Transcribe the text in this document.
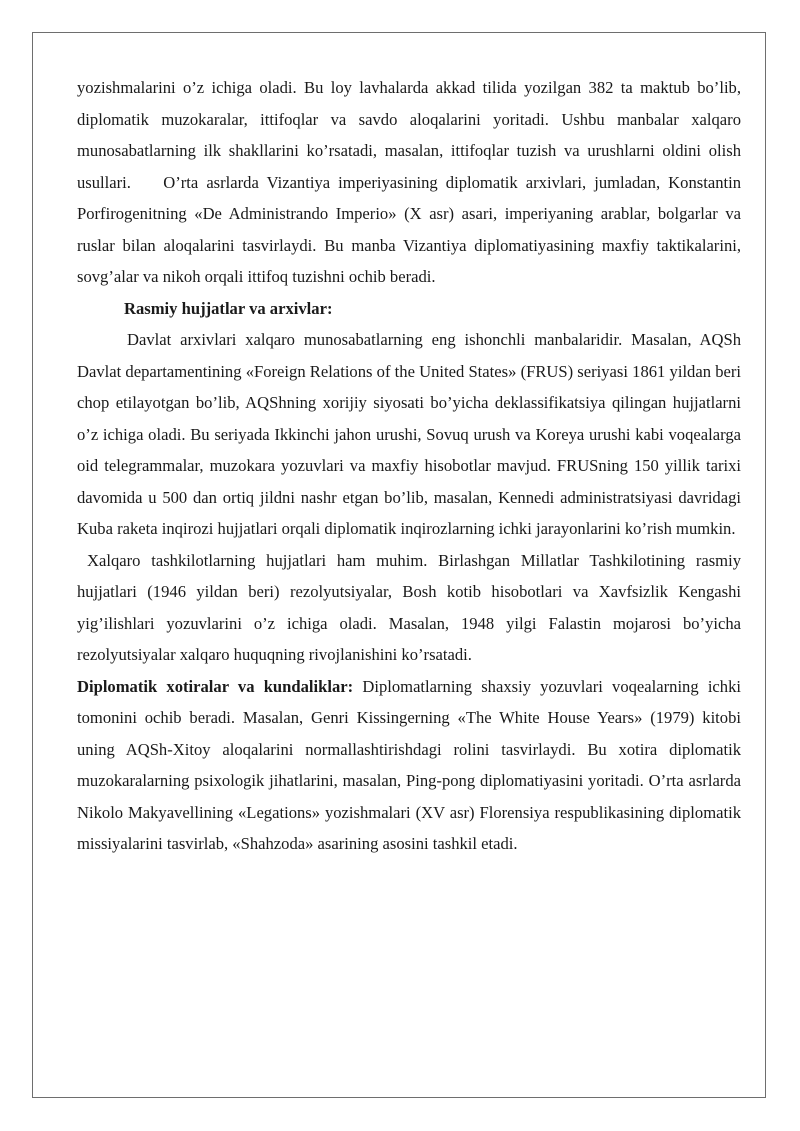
yozishmalarini o’z ichiga oladi. Bu loy lavhalarda akkad tilida yozilgan 382 ta maktub bo’lib, diplomatik muzokaralar, ittifoqlar va savdo aloqalarini yoritadi. Ushbu manbalar xalqaro munosabatlarning ilk shakllarini ko’rsatadi, masalan, ittifoqlar tuzish va urushlarni oldini olish usullari. O’rta asrlarda Vizantiya imperiyasining diplomatik arxivlari, jumladan, Konstantin Porfirogenitning «De Administrando Imperio» (X asr) asari, imperiyaning arablar, bolgarlar va ruslar bilan aloqalarini tasvirlaydi. Bu manba Vizantiya diplomatiyasining maxfiy taktikalarini, sovg’alar va nikoh orqali ittifoq tuzishni ochib beradi.

Rasmiy hujjatlar va arxivlar:

Davlat arxivlari xalqaro munosabatlarning eng ishonchli manbalaridir. Masalan, AQSh Davlat departamentining «Foreign Relations of the United States» (FRUS) seriyasi 1861 yildan beri chop etilayotgan bo’lib, AQShning xorijiy siyosati bo’yicha deklassifikatsiya qilingan hujjatlarni o’z ichiga oladi. Bu seriyada Ikkinchi jahon urushi, Sovuq urush va Koreya urushi kabi voqealarga oid telegrammalar, muzokara yozuvlari va maxfiy hisobotlar mavjud. FRUSning 150 yillik tarixi davomida u 500 dan ortiq jildni nashr etgan bo’lib, masalan, Kennedi administratsiyasi davridagi Kuba raketa inqirozi hujjatlari orqali diplomatik inqirozlarning ichki jarayonlarini ko’rish mumkin.

Xalqaro tashkilotlarning hujjatlari ham muhim. Birlashgan Millatlar Tashkilotining rasmiy hujjatlari (1946 yildan beri) rezolyutsiyalar, Bosh kotib hisobotlari va Xavfsizlik Kengashi yig’ilishlari yozuvlarini o’z ichiga oladi. Masalan, 1948 yilgi Falastin mojarosi bo’yicha rezolyutsiyalar xalqaro huquqning rivojlanishini ko’rsatadi.

Diplomatik xotiralar va kundaliklar: Diplomatlarning shaxsiy yozuvlari voqealarning ichki tomonini ochib beradi. Masalan, Genri Kissingerning «The White House Years» (1979) kitobi uning AQSh-Xitoy aloqalarini normallashtirishdagi rolini tasvirlaydi. Bu xotira diplomatik muzokaralarning psixologik jihatlarini, masalan, Ping-pong diplomatiyasini yoritadi. O’rta asrlarda Nikolo Makyavellining «Legations» yozishmalari (XV asr) Florensiya respublikasining diplomatik missiyalarini tasvirlab, «Shahzoda» asarining asosini tashkil etadi.
